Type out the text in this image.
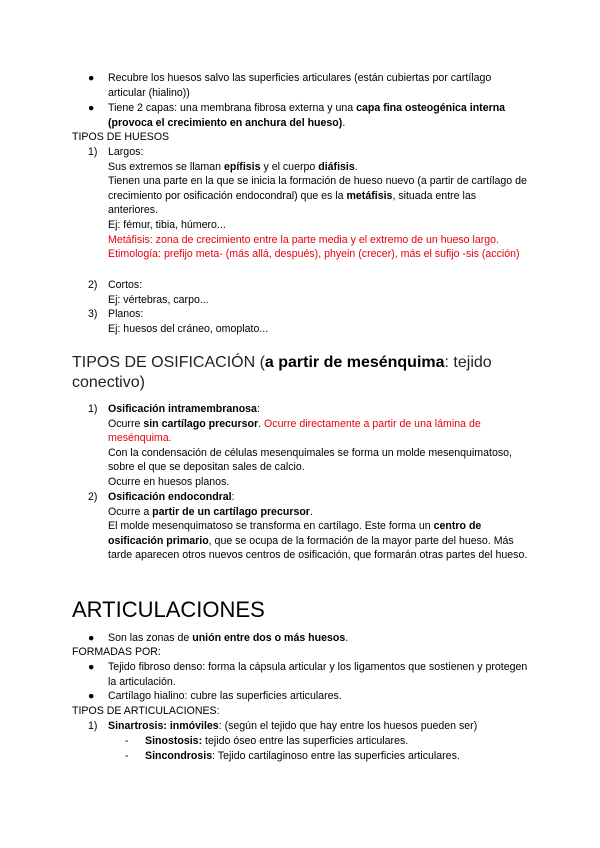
●	Recubre los huesos salvo las superficies articulares (están cubiertas por cartílago articular (hialino))
●	Tiene 2 capas: una membrana fibrosa externa y una capa fina osteogénica interna (provoca el crecimiento en anchura del hueso).
TIPOS DE HUESOS
1) Largos:

Sus extremos se llaman epífisis y el cuerpo diáfisis.

Tienen una parte en la que se inicia la formación de hueso nuevo (a partir de cartílago de crecimiento por osificación endocondral) que es la metáfisis, situada entre las anteriores.

Ej: fémur, tibia, húmero...

Metáfisis: zona de crecimiento entre la parte media y el extremo de un hueso largo.

Etimología: prefijo meta- (más allá, después), phyein (crecer), más el sufijo -sis (acción)

2) Cortos:

Ej: vértebras, carpo...

3) Planos:

Ej: huesos del cráneo, omoplato...

TIPOS DE OSIFICACIÓN (a partir de mesénquima: tejido conectivo)
1) Osificación intramembranosa:

Ocurre sin cartílago precursor. Ocurre directamente a partir de una lámina de mesénquima.

Con la condensación de células mesenquimales se forma un molde mesenquimatoso, sobre el que se depositan sales de calcio.

Ocurre en huesos planos.

2) Osificación endocondral:

Ocurre a partir de un cartílago precursor.

El molde mesenquimatoso se transforma en cartílago. Este forma un centro de osificación primario, que se ocupa de la formación de la mayor parte del hueso. Más tarde aparecen otros nuevos centros de osificación, que formarán otras partes del hueso.

ARTICULACIONES
●	Son las zonas de unión entre dos o más huesos.
FORMADAS POR:
●	Tejido fibroso denso: forma la cápsula articular y los ligamentos que sostienen y protegen la articulación.
●	Cartílago hialino: cubre las superficies articulares.
TIPOS DE ARTICULACIONES:
1) Sinartrosis: inmóviles: (según el tejido que hay entre los huesos pueden ser)

- Sinostosis: tejido óseo entre las superficies articulares.
- Sincondrosis: Tejido cartilaginoso entre las superficies articulares.
